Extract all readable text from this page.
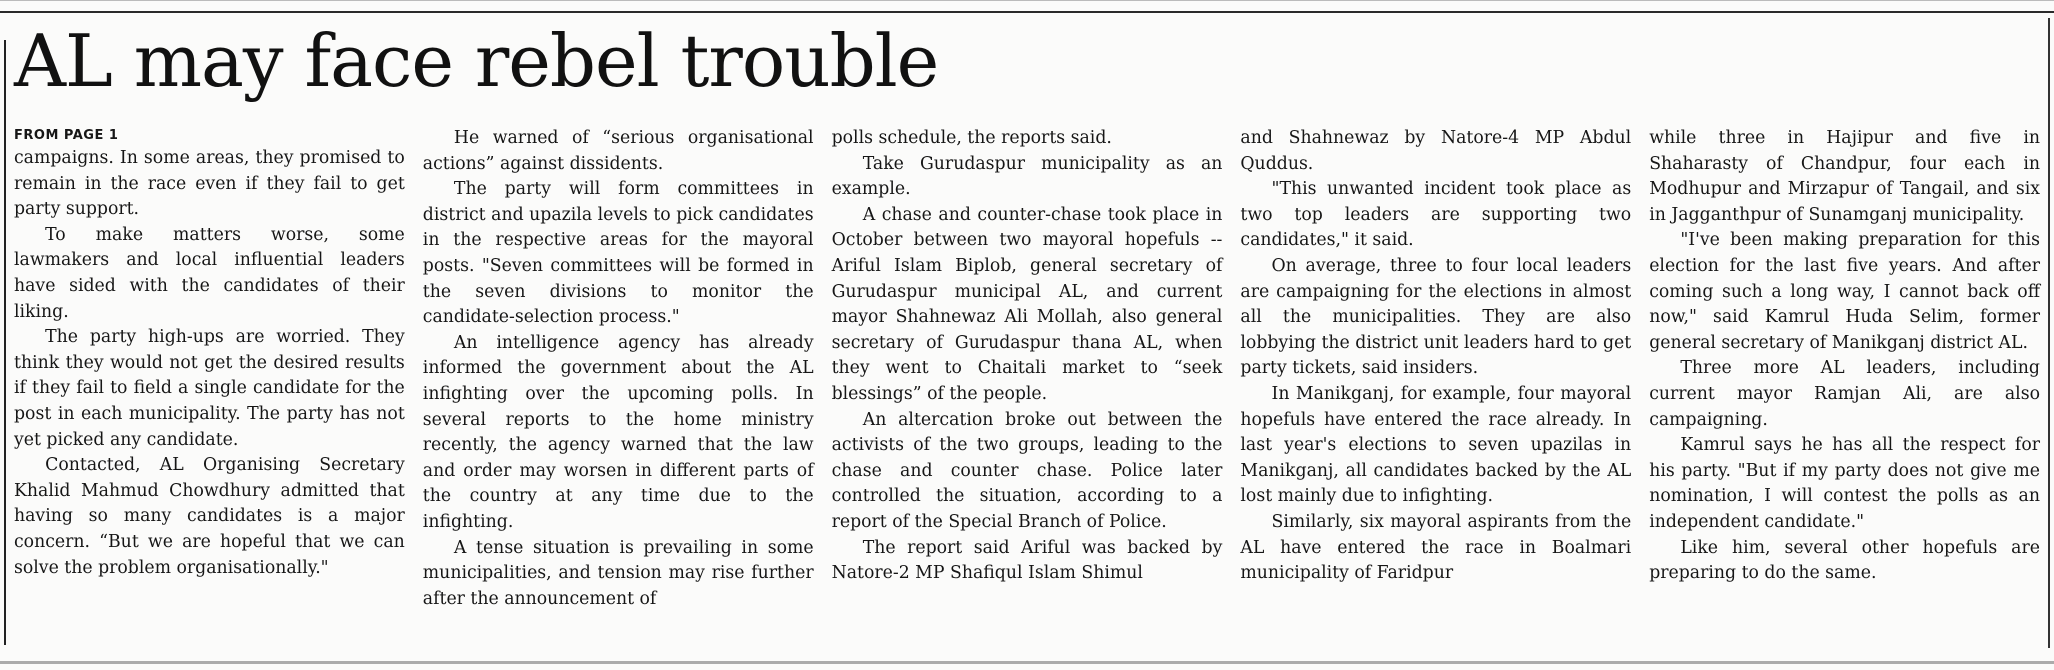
AL may face rebel trouble
FROM PAGE 1

campaigns. In some areas, they promised to remain in the race even if they fail to get party support.

To make matters worse, some lawmakers and local influential leaders have sided with the candidates of their liking.

The party high-ups are worried. They think they would not get the desired results if they fail to field a single candidate for the post in each municipality. The party has not yet picked any candidate.

Contacted, AL Organising Secretary Khalid Mahmud Chowdhury admitted that having so many candidates is a major concern. “But we are hopeful that we can solve the problem organisationally."

He warned of “serious organisational actions” against dissidents.

The party will form committees in district and upazila levels to pick candidates in the respective areas for the mayoral posts. "Seven committees will be formed in the seven divisions to monitor the candidate-selection process."

An intelligence agency has already informed the government about the AL infighting over the upcoming polls. In several reports to the home ministry recently, the agency warned that the law and order may worsen in different parts of the country at any time due to the infighting.

A tense situation is prevailing in some municipalities, and tension may rise further after the announcement of

polls schedule, the reports said.

Take Gurudaspur municipality as an example.

A chase and counter-chase took place in October between two mayoral hopefuls -- Ariful Islam Biplob, general secretary of Gurudaspur municipal AL, and current mayor Shahnewaz Ali Mollah, also general secretary of Gurudaspur thana AL, when they went to Chaitali market to “seek blessings” of the people.

An altercation broke out between the activists of the two groups, leading to the chase and counter chase. Police later controlled the situation, according to a report of the Special Branch of Police.

The report said Ariful was backed by Natore-2 MP Shafiqul Islam Shimul

and Shahnewaz by Natore-4 MP Abdul Quddus.

"This unwanted incident took place as two top leaders are supporting two candidates," it said.

On average, three to four local leaders are campaigning for the elections in almost all the municipalities. They are also lobbying the district unit leaders hard to get party tickets, said insiders.

In Manikganj, for example, four mayoral hopefuls have entered the race already. In last year's elections to seven upazilas in Manikganj, all candidates backed by the AL lost mainly due to infighting.

Similarly, six mayoral aspirants from the AL have entered the race in Boalmari municipality of Faridpur

while three in Hajipur and five in Shaharasty of Chandpur, four each in Modhupur and Mirzapur of Tangail, and six in Jagganthpur of Sunamganj municipality.

"I've been making preparation for this election for the last five years. And after coming such a long way, I cannot back off now," said Kamrul Huda Selim, former general secretary of Manikganj district AL.

Three more AL leaders, including current mayor Ramjan Ali, are also campaigning.

Kamrul says he has all the respect for his party. "But if my party does not give me nomination, I will contest the polls as an independent candidate."

Like him, several other hopefuls are preparing to do the same.
